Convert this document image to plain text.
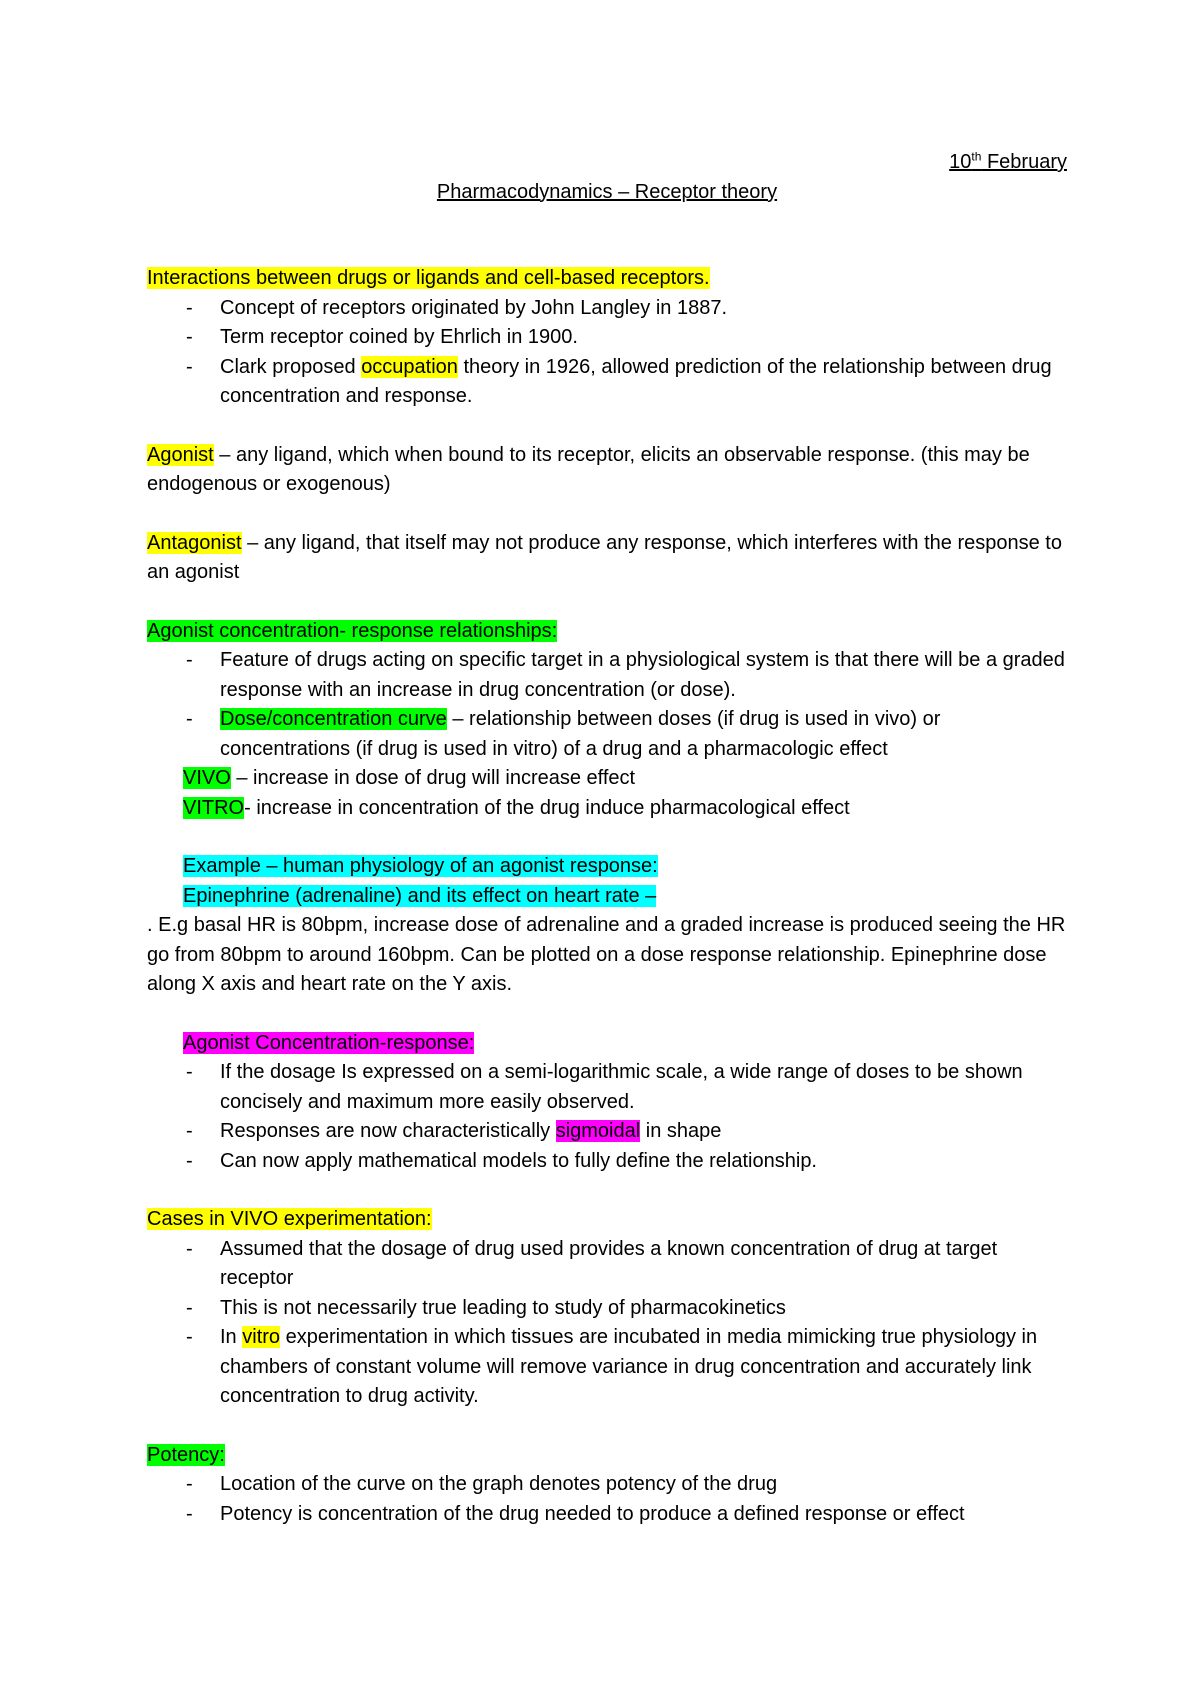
10th February
Pharmacodynamics – Receptor theory
Interactions between drugs or ligands and cell-based receptors.
- Concept of receptors originated by John Langley in 1887.
- Term receptor coined by Ehrlich in 1900.
- Clark proposed occupation theory in 1926, allowed prediction of the relationship between drug concentration and response.
Agonist – any ligand, which when bound to its receptor, elicits an observable response. (this may be endogenous or exogenous)
Antagonist – any ligand, that itself may not produce any response, which interferes with the response to an agonist
Agonist concentration- response relationships:
- Feature of drugs acting on specific target in a physiological system is that there will be a graded response with an increase in drug concentration (or dose).
- Dose/concentration curve – relationship between doses (if drug is used in vivo) or concentrations (if drug is used in vitro) of a drug and a pharmacologic effect
VIVO – increase in dose of drug will increase effect
VITRO- increase in concentration of the drug induce pharmacological effect
Example – human physiology of an agonist response:
Epinephrine (adrenaline) and its effect on heart rate –
. E.g basal HR is 80bpm, increase dose of adrenaline and a graded increase is produced seeing the HR go from 80bpm to around 160bpm. Can be plotted on a dose response relationship. Epinephrine dose along X axis and heart rate on the Y axis.
Agonist Concentration-response:
- If the dosage Is expressed on a semi-logarithmic scale, a wide range of doses to be shown concisely and maximum more easily observed.
- Responses are now characteristically sigmoidal in shape
- Can now apply mathematical models to fully define the relationship.
Cases in VIVO experimentation:
- Assumed that the dosage of drug used provides a known concentration of drug at target receptor
- This is not necessarily true leading to study of pharmacokinetics
- In vitro experimentation in which tissues are incubated in media mimicking true physiology in chambers of constant volume will remove variance in drug concentration and accurately link concentration to drug activity.
Potency:
- Location of the curve on the graph denotes potency of the drug
- Potency is concentration of the drug needed to produce a defined response or effect
